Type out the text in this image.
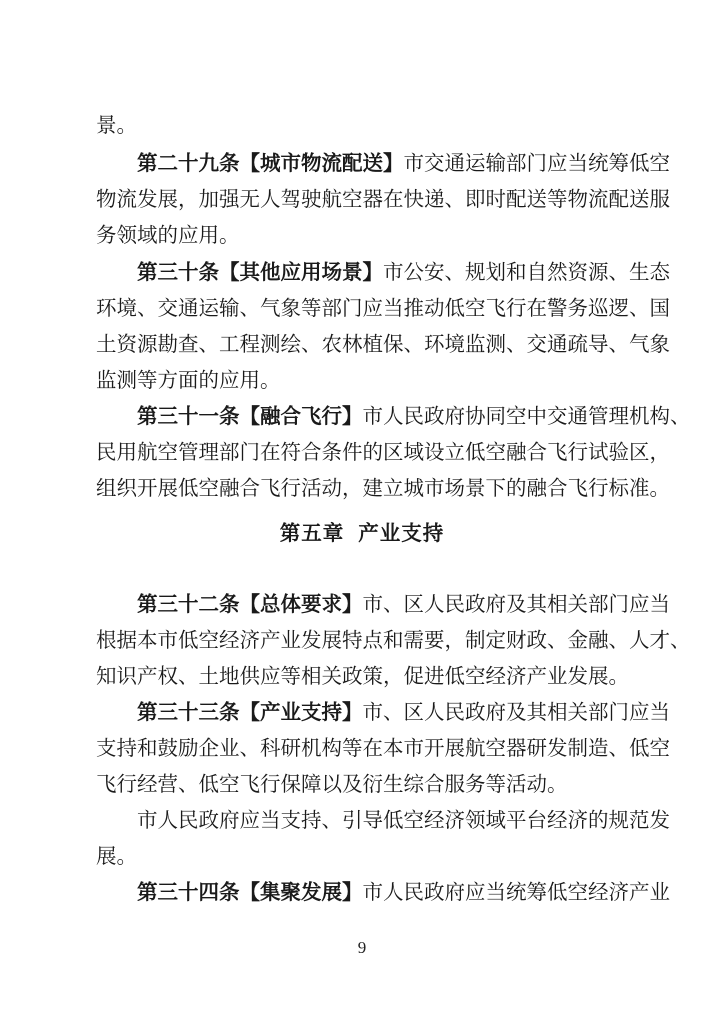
景。
第二十九条【城市物流配送】市交通运输部门应当统筹低空
物流发展，加强无人驾驶航空器在快递、即时配送等物流配送服
务领域的应用。
第三十条【其他应用场景】市公安、规划和自然资源、生态
环境、交通运输、气象等部门应当推动低空飞行在警务巡逻、国
土资源勘查、工程测绘、农林植保、环境监测、交通疏导、气象
监测等方面的应用。
第三十一条【融合飞行】市人民政府协同空中交通管理机构、
民用航空管理部门在符合条件的区域设立低空融合飞行试验区，
组织开展低空融合飞行活动，建立城市场景下的融合飞行标准。
第五章 产业支持
第三十二条【总体要求】市、区人民政府及其相关部门应当
根据本市低空经济产业发展特点和需要，制定财政、金融、人才、
知识产权、土地供应等相关政策，促进低空经济产业发展。
第三十三条【产业支持】市、区人民政府及其相关部门应当
支持和鼓励企业、科研机构等在本市开展航空器研发制造、低空
飞行经营、低空飞行保障以及衍生综合服务等活动。
市人民政府应当支持、引导低空经济领域平台经济的规范发
展。
第三十四条【集聚发展】市人民政府应当统筹低空经济产业
9
